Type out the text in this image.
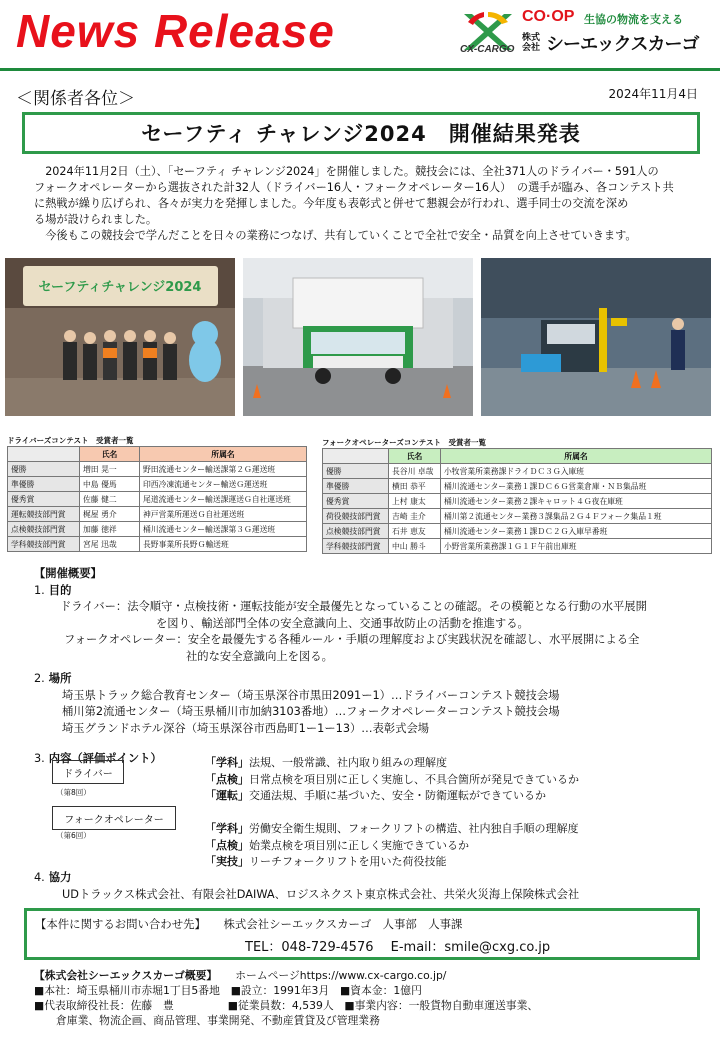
News Release	CX-CARGO
CO·OP 生協の物流を支える
株式会社 シーエックスカーゴ
＜関係者各位＞	2024年11月4日
セーフティ チャレンジ2024　開催結果発表

2024年11月2日（土）、「セーフティ チャレンジ2024」を開催しました。競技会には、全社371人のドライバー・591人の

フォークオペレーターから選抜された計32人（ドライバー16人・フォークオペレーター16人）　の選手が臨み、各コンテスト共
に熱戦が繰り広げられ、各々が実力を発揮しました。今年度も表彰式と併せて懇親会が行われ、選手同士の交流を深め
る場が設けられました。

今後もこの競技会で学んだことを日々の業務につなげ、共有していくことで全社で安全・品質を向上させていきます。

セーフティチャレンジ2024
ドライバーズコンテスト　受賞者一覧
	氏名	所属名
優勝	増田 晃一	野田流通センター輸送課第２Ｇ運送班
準優勝	中島 優馬	印西冷凍流通センター輸送Ｇ運送班
優秀賞	佐藤 健二	尾道流通センター輸送課運送Ｇ自社運送班
運転競技部門賞	梶屋 勇介	神戸営業所運送Ｇ自社運送班
点検競技部門賞	加藤 徳祥	桶川流通センター輸送課第３Ｇ運送班
学科競技部門賞	宮尾 迅哉	長野事業所長野Ｇ輸送班
フォークオペレーターズコンテスト　受賞者一覧
	氏名	所属名
優勝	長谷川 卓哉	小牧営業所業務課ドライＤＣ３Ｇ入庫班
準優勝	横田 恭平	桶川流通センター業務１課ＤＣ６Ｇ営業倉庫・ＮＢ集品班
優秀賞	上村 康太	桶川流通センター業務２課キャロット４Ｇ夜在庫班
荷役競技部門賞	吉崎 圭介	桶川第２流通センター業務３課集品２Ｇ４Ｆフォーク集品１班
点検競技部門賞	石井 恵友	桶川流通センター業務１課ＤＣ２Ｇ入庫早番班
学科競技部門賞	中山 勝斗	小野営業所業務課１Ｇ１Ｆ午前出庫班
【開催概要】
1. 目的
ドライバー：法令順守・点検技術・運転技能が安全最優先となっていることの確認。その模範となる行動の水平展開
を図り、輸送部門全体の安全意識向上、交通事故防止の活動を推進する。
フォークオペレーター：安全を最優先する各種ルール・手順の理解度および実践状況を確認し、水平展開による全
社的な安全意識向上を図る。
2. 場所
埼玉県トラック総合教育センター（埼玉県深谷市黒田2091ー1）…ドライバーコンテスト競技会場
桶川第2流通センター（埼玉県桶川市加納3103番地）…フォークオペレーターコンテスト競技会場
埼玉グランドホテル深谷（埼玉県深谷市西島町1ー1ー13）…表彰式会場
3. 内容（評価ポイント）
ドライバー
（第8回）
「学科」法規、一般常識、社内取り組みの理解度
「点検」日常点検を項目別に正しく実施し、不具合箇所が発見できているか
「運転」交通法規、手順に基づいた、安全・防衛運転ができているか
フォークオペレーター
（第6回）
「学科」労働安全衛生規則、フォークリフトの構造、社内独自手順の理解度
「点検」始業点検を項目別に正しく実施できているか
「実技」リーチフォークリフトを用いた荷役技能
4. 協力
UDトラックス株式会社、有限会社DAIWA、ロジスネクスト東京株式会社、共栄火災海上保険株式会社
【本件に関するお問い合わせ先】 株式会社シーエックスカーゴ　人事部　人事課
TEL：048-729-4576　 E-mail：smile@cxg.co.jp
【株式会社シーエックスカーゴ概要】 ホームページhttps://www.cx-cargo.co.jp/
■本社：埼玉県桶川市赤堀1丁目5番地　■設立：1991年3月　■資本金：1億円
■代表取締役社長：佐藤　豊　　　　　■従業員数：4,539人　■事業内容：一般貨物自動車運送事業、
倉庫業、物流企画、商品管理、事業開発、不動産賃貸及び管理業務
